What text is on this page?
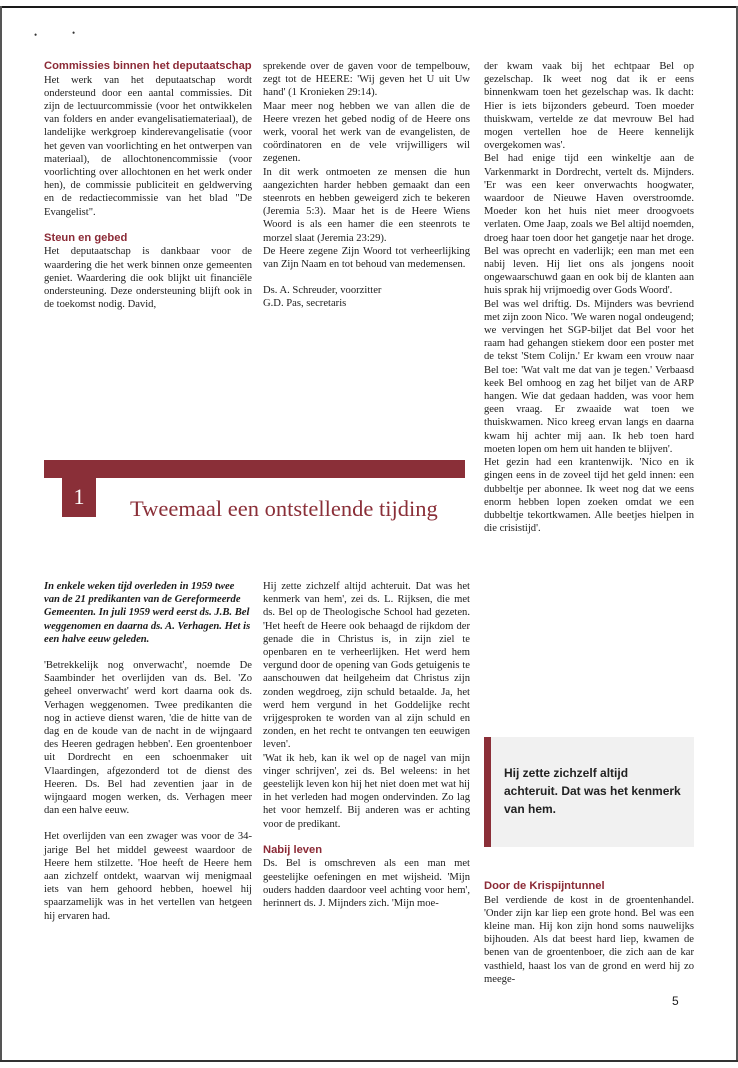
•	•
Commissies binnen het deputaatschap

Het werk van het deputaatschap wordt ondersteund door een aantal commissies. Dit zijn de lectuurcommissie (voor het ontwikkelen van folders en ander evangelisatiemateriaal), de landelijke werkgroep kinderevangelisatie (voor het geven van voorlichting en het ontwerpen van materiaal), de allochtonencommissie (voor voorlichting over allochtonen en het werk onder hen), de commissie publiciteit en geldwerving en de redactiecommissie van het blad "De Evangelist".

Steun en gebed

Het deputaatschap is dankbaar voor de waardering die het werk binnen onze gemeenten geniet. Waardering die ook blijkt uit financiële ondersteuning. Deze ondersteuning blijft ook in de toekomst nodig. David,

sprekende over de gaven voor de tempelbouw, zegt tot de HEERE: 'Wij geven het U uit Uw hand' (1 Kronieken 29:14).

Maar meer nog hebben we van allen die de Heere vrezen het gebed nodig of de Heere ons werk, vooral het werk van de evangelisten, de coördinatoren en de vele vrijwilligers wil zegenen.

In dit werk ontmoeten ze mensen die hun aangezichten harder hebben gemaakt dan een steenrots en hebben geweigerd zich te bekeren (Jeremia 5:3). Maar het is de Heere Wiens Woord is als een hamer die een steenrots te morzel slaat (Jeremia 23:29).

De Heere zegene Zijn Woord tot verheerlijking van Zijn Naam en tot behoud van medemensen.

Ds. A. Schreuder, voorzitter

G.D. Pas, secretaris

der kwam vaak bij het echtpaar Bel op gezelschap. Ik weet nog dat ik er eens binnenkwam toen het gezelschap was. Ik dacht: Hier is iets bijzonders gebeurd. Toen moeder thuiskwam, vertelde ze dat mevrouw Bel had mogen vertellen hoe de Heere kennelijk overgekomen was'.

Bel had enige tijd een winkeltje aan de Varkenmarkt in Dordrecht, vertelt ds. Mijnders. 'Er was een keer onverwachts hoogwater, waardoor de Nieuwe Haven overstroomde. Moeder kon het huis niet meer droogvoets verlaten. Ome Jaap, zoals we Bel altijd noemden, droeg haar toen door het gangetje naar het droge. Bel was oprecht en vaderlijk; een man met een nabij leven. Hij liet ons als jongens nooit ongewaarschuwd gaan en ook bij de klanten aan huis sprak hij vrijmoedig over Gods Woord'.

Bel was wel driftig. Ds. Mijnders was bevriend met zijn zoon Nico. 'We waren nogal ondeugend; we vervingen het SGP-biljet dat Bel voor het raam had gehangen stiekem door een poster met de tekst 'Stem Colijn.' Er kwam een vrouw naar Bel toe: 'Wat valt me dat van je tegen.' Verbaasd keek Bel omhoog en zag het biljet van de ARP hangen. Wie dat gedaan hadden, was voor hem geen vraag. Er zwaaide wat toen we thuiskwamen. Nico kreeg ervan langs en daarna kwam hij achter mij aan. Ik heb toen hard moeten lopen om hem uit handen te blijven'.

Het gezin had een krantenwijk. 'Nico en ik gingen eens in de zoveel tijd het geld innen: een dubbeltje per abonnee. Ik weet nog dat we eens enorm hebben lopen zoeken omdat we een dubbeltje tekortkwamen. Alle beetjes hielpen in die crisistijd'.

1	Tweemaal een ontstellende tijding

In enkele weken tijd overleden in 1959 twee van de 21 predikanten van de Gereformeerde Gemeenten. In juli 1959 werd eerst ds. J.B. Bel weggenomen en daarna ds. A. Verhagen. Het is een halve eeuw geleden.

'Betrekkelijk nog onverwacht', noemde De Saambinder het overlijden van ds. Bel. 'Zo geheel onverwacht' werd kort daarna ook ds. Verhagen weggenomen. Twee predikanten die nog in actieve dienst waren, 'die de hitte van de dag en de koude van de nacht in de wijngaard des Heeren gedragen hebben'. Een groentenboer uit Dordrecht en een schoenmaker uit Vlaardingen, afgezonderd tot de dienst des Heeren. Ds. Bel had zeventien jaar in de wijngaard mogen werken, ds. Verhagen meer dan een halve eeuw.

Het overlijden van een zwager was voor de 34-jarige Bel het middel geweest waardoor de Heere hem stilzette. 'Hoe heeft de Heere hem aan zichzelf ontdekt, waarvan wij menigmaal iets van hem gehoord hebben, hoewel hij spaarzamelijk was in het vertellen van hetgeen hij ervaren had.

Hij zette zichzelf altijd achteruit. Dat was het kenmerk van hem', zei ds. L. Rijksen, die met ds. Bel op de Theologische School had gezeten. 'Het heeft de Heere ook behaagd de rijkdom der genade die in Christus is, in zijn ziel te openbaren en te verheerlijken. Het werd hem vergund door de opening van Gods getuigenis te aanschouwen dat heilgeheim dat Christus zijn zonden wegdroeg, zijn schuld betaalde. Ja, het werd hem vergund in het Goddelijke recht vrijgesproken te worden van al zijn schuld en zonden, en het recht te ontvangen ten eeuwigen leven'.

'Wat ik heb, kan ik wel op de nagel van mijn vinger schrijven', zei ds. Bel weleens: in het geestelijk leven kon hij het niet doen met wat hij in het verleden had mogen ondervinden. Zo lag het voor hemzelf. Bij anderen was er achting voor de predikant.

Nabij leven

Ds. Bel is omschreven als een man met geestelijke oefeningen en met wijsheid. 'Mijn ouders hadden daardoor veel achting voor hem', herinnert ds. J. Mijnders zich. 'Mijn moe-

Hij zette zichzelf altijd achteruit. Dat was het kenmerk van hem.
Door de Krispijntunnel

Bel verdiende de kost in de groentenhandel. 'Onder zijn kar liep een grote hond. Bel was een kleine man. Hij kon zijn hond soms nauwelijks bijhouden. Als dat beest hard liep, kwamen de benen van de groentenboer, die zich aan de kar vasthield, haast los van de grond en werd hij zo meege-

5
